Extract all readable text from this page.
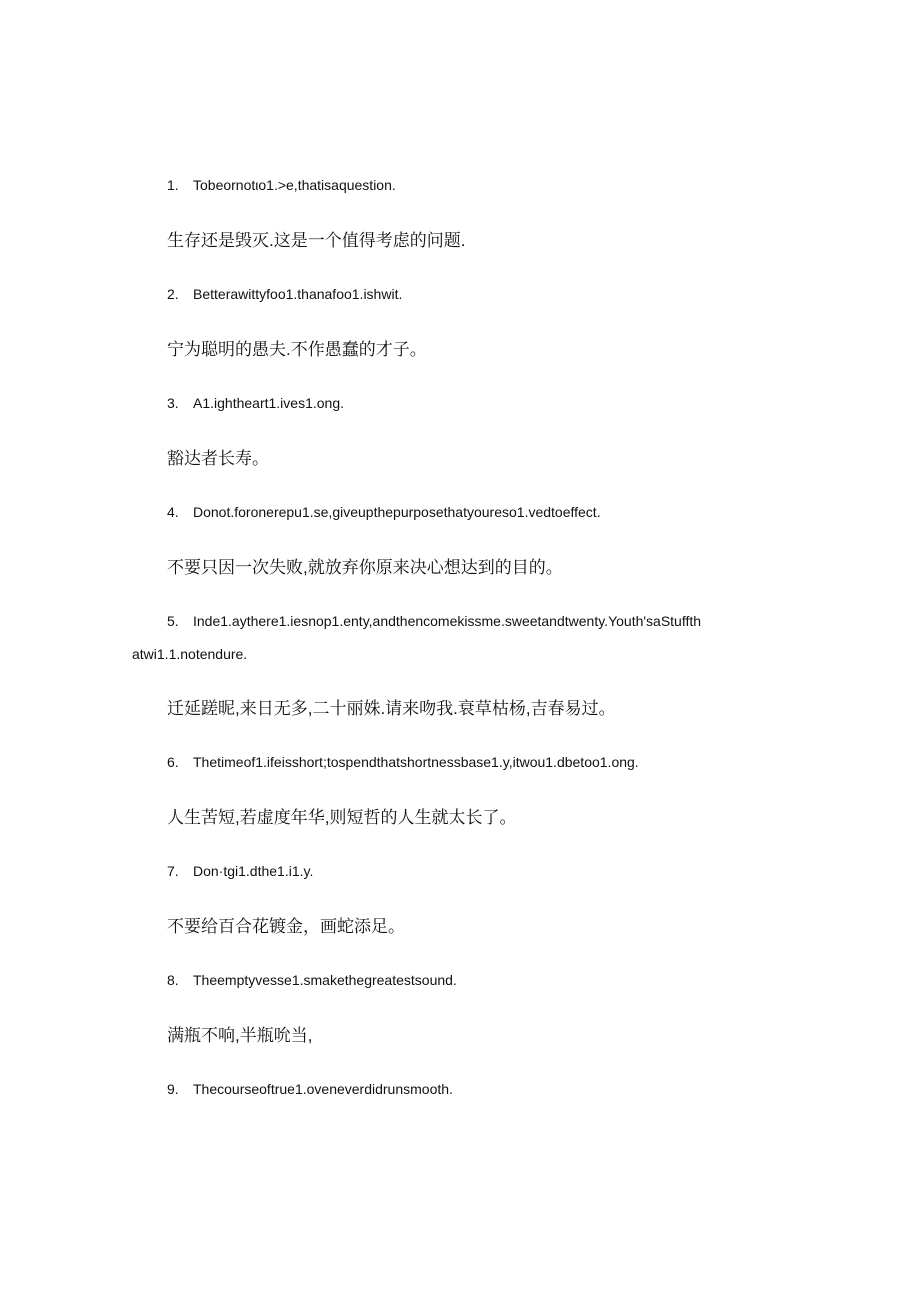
1. Tobeornotιo1.>e,thatisaquestion.
生存还是毁灭.这是一个值得考虑的问题.
2. Betterawittyfoo1.thanafoo1.ishwit.
宁为聪明的愚夫.不作愚蠢的才子。
3. A1.ightheart1.ives1.ong.
豁达者长寿。
4. Donot.foronerepu1.se,giveupthepurposethatyoureso1.vedtoeffect.
不要只因一次失败,就放弃你原来决心想达到的目的。
5. Inde1.aythere1.iesnop1.enty,andthencomekissme.sweetandtwenty.Youth'saStuffth
atwi1.1.notendure.
迁延蹉昵,来日无多,二十丽姝.请来吻我.衰草枯杨,吉春易过。
6. Thetimeof1.ifeisshort;tospendthatshortnessbase1.y,itwou1.dbetoo1.ong.
人生苦短,若虚度年华,则短哲的人生就太长了。
7. Don·tgi1.dthe1.i1.y.
不要给百合花镀金，画蛇添足。
8. Theemptyvesse1.smakethegreatestsound.
满瓶不响,半瓶吮当,
9. Thecourseoftrue1.oveneverdidrunsmooth.
